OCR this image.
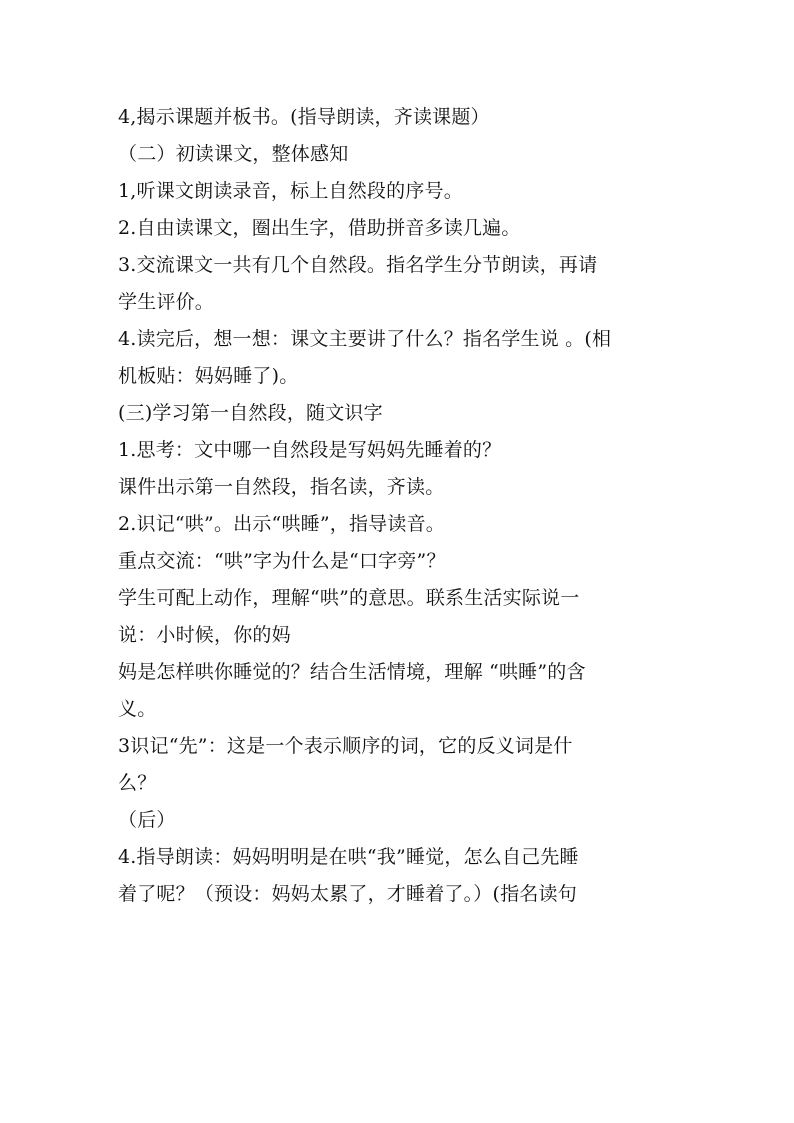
4,揭示课题并板书。(指导朗读，齐读课题）
（二）初读课文，整体感知
1,听课文朗读录音，标上自然段的序号。
2.自由读课文，圈出生字，借助拼音多读几遍。
3.交流课文一共有几个自然段。指名学生分节朗读，再请
学生评价。
4.读完后，想一想：课文主要讲了什么？指名学生说 。(相
机板贴：妈妈睡了)。
(三)学习第一自然段，随文识字
1.思考：文中哪一自然段是写妈妈先睡着的？
课件出示第一自然段，指名读，齐读。
2.识记“哄”。出示“哄睡”，指导读音。
重点交流：“哄”字为什么是“口字旁”？
学生可配上动作，理解“哄”的意思。联系生活实际说一
说：小时候，你的妈
妈是怎样哄你睡觉的？结合生活情境，理解 “哄睡”的含
义。
3识记“先”：这是一个表示顺序的词，它的反义词是什
么？
（后）
4.指导朗读：妈妈明明是在哄“我”睡觉，怎么自己先睡
着了呢？（预设：妈妈太累了，才睡着了。）(指名读句
